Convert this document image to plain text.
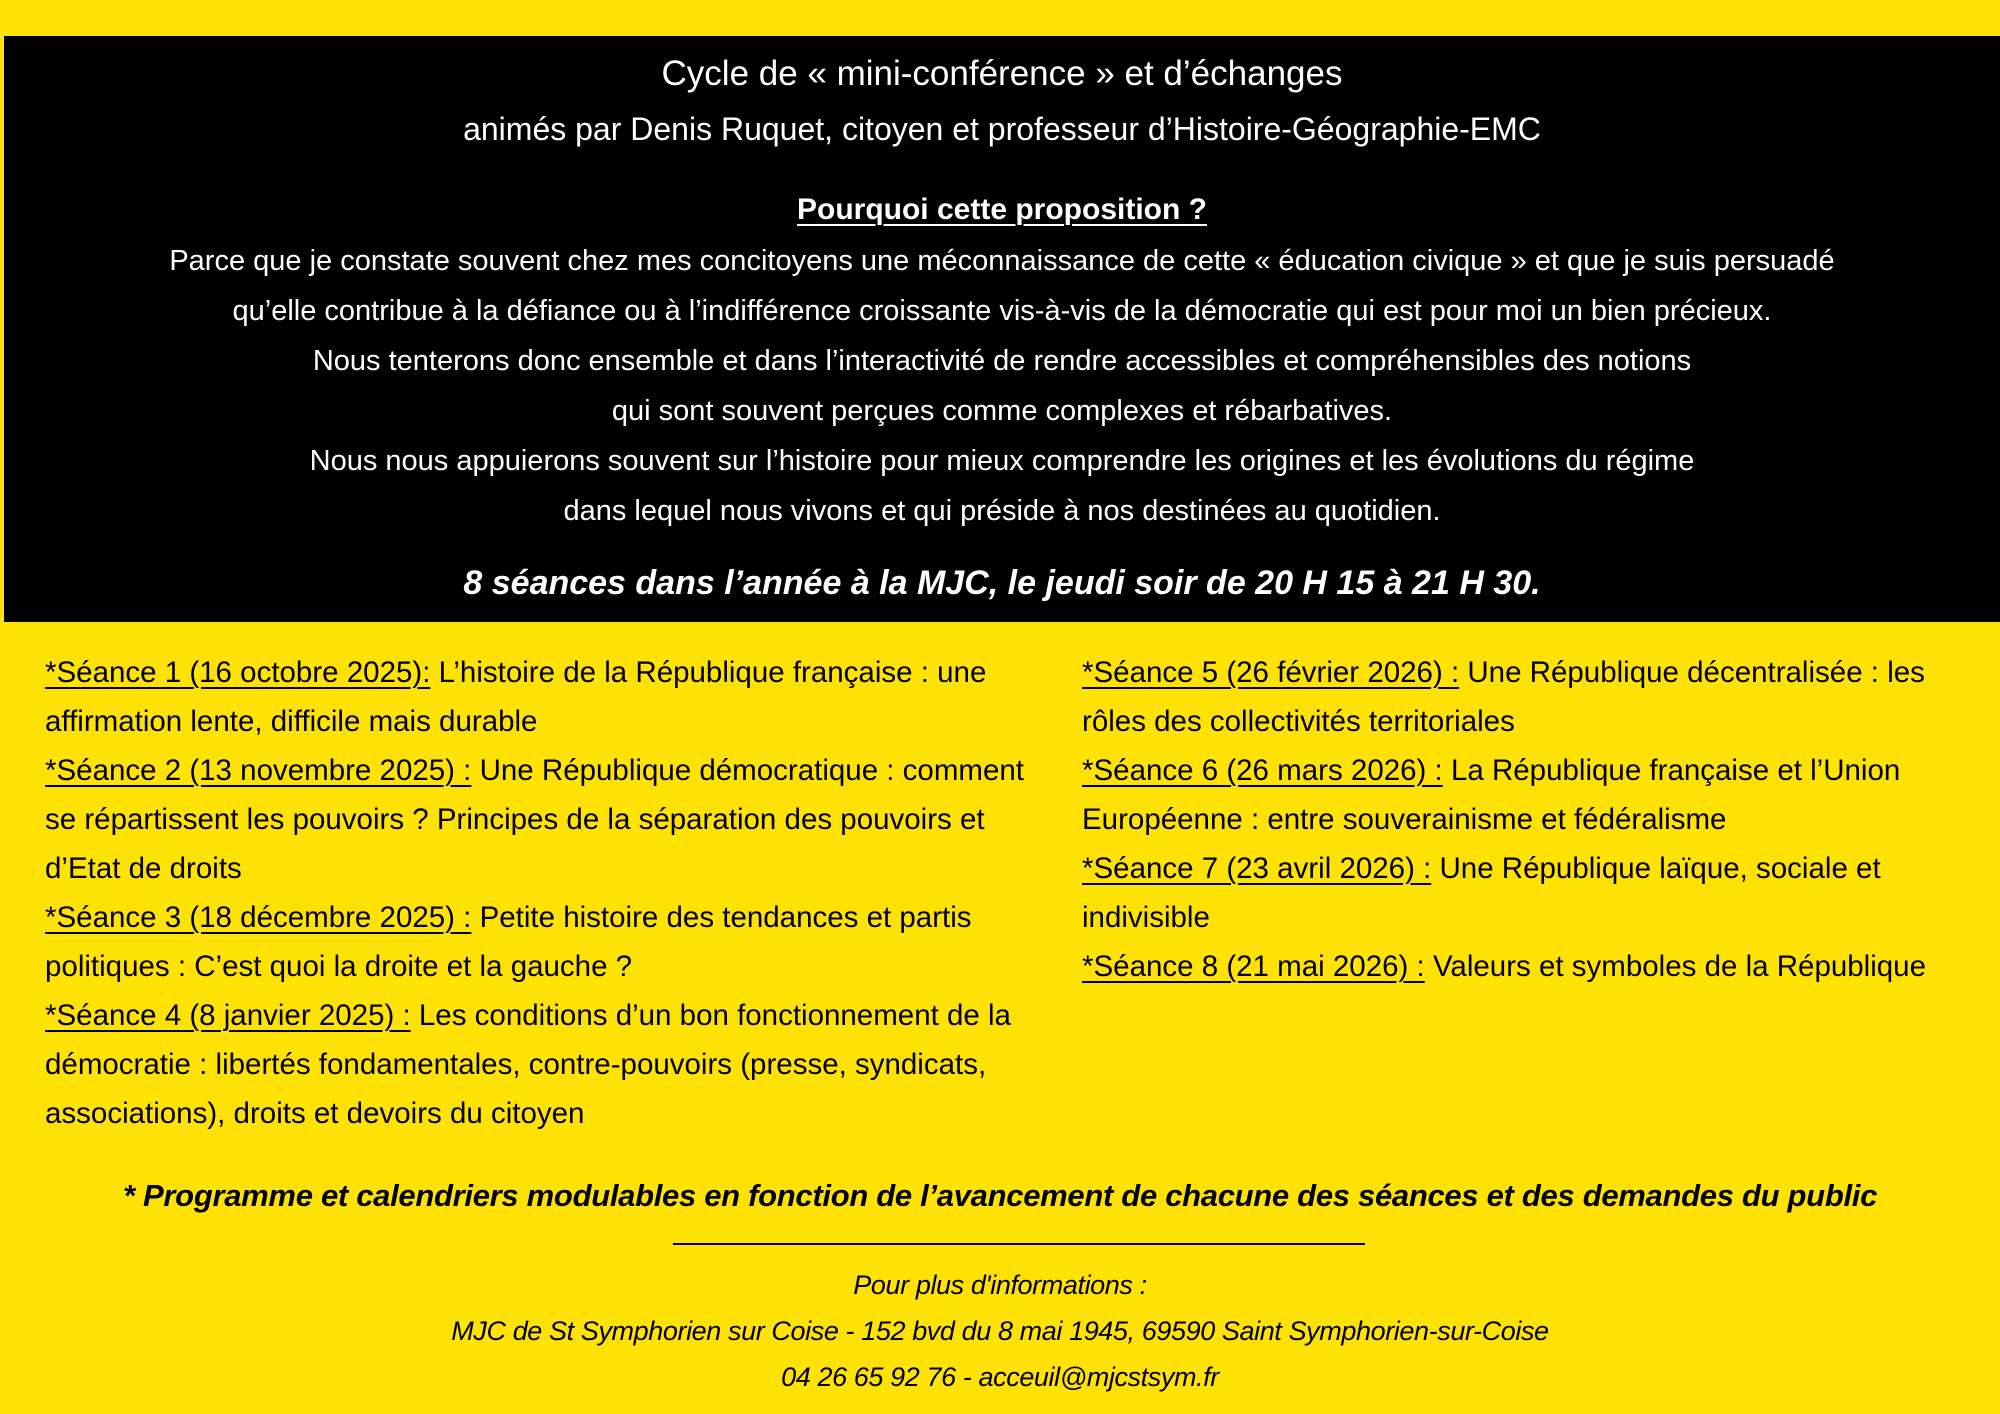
Cycle de « mini-conférence » et d’échanges
animés par Denis Ruquet, citoyen et professeur d’Histoire-Géographie-EMC
Pourquoi cette proposition ?
Parce que je constate souvent chez mes concitoyens une méconnaissance de cette « éducation civique » et que je suis persuadé
qu’elle contribue à la défiance ou à l’indifférence croissante vis-à-vis de la démocratie qui est pour moi un bien précieux.
Nous tenterons donc ensemble et dans l’interactivité de rendre accessibles et compréhensibles des notions
qui sont souvent perçues comme complexes et rébarbatives.
Nous nous appuierons souvent sur l’histoire pour mieux comprendre les origines et les évolutions du régime
dans lequel nous vivons et qui préside à nos destinées au quotidien.
8 séances dans l’année à la MJC, le jeudi soir de 20 H 15 à 21 H 30.

*Séance 1 (16 octobre 2025): L’histoire de la République française : une affirmation lente, difficile mais durable

*Séance 2 (13 novembre 2025) : Une République démocratique : comment se répartissent les pouvoirs ? Principes de la séparation des pouvoirs et d’Etat de droits

*Séance 3 (18 décembre 2025) : Petite histoire des tendances et partis politiques : C’est quoi la droite et la gauche ?

*Séance 4 (8 janvier 2025) : Les conditions d’un bon fonctionnement de la démocratie : libertés fondamentales, contre-pouvoirs (presse, syndicats, associations), droits et devoirs du citoyen

*Séance 5 (26 février 2026) : Une République décentralisée : les rôles des collectivités territoriales

*Séance 6 (26 mars 2026) : La République française et l’Union Européenne : entre souverainisme et fédéralisme

*Séance 7 (23 avril 2026) : Une République laïque, sociale et indivisible

*Séance 8 (21 mai 2026) : Valeurs et symboles de la République

* Programme et calendriers modulables en fonction de l’avancement de chacune des séances et des demandes du public
Pour plus d'informations :
MJC de St Symphorien sur Coise - 152 bvd du 8 mai 1945, 69590 Saint Symphorien-sur-Coise
04 26 65 92 76 - acceuil@mjcstsym.fr
